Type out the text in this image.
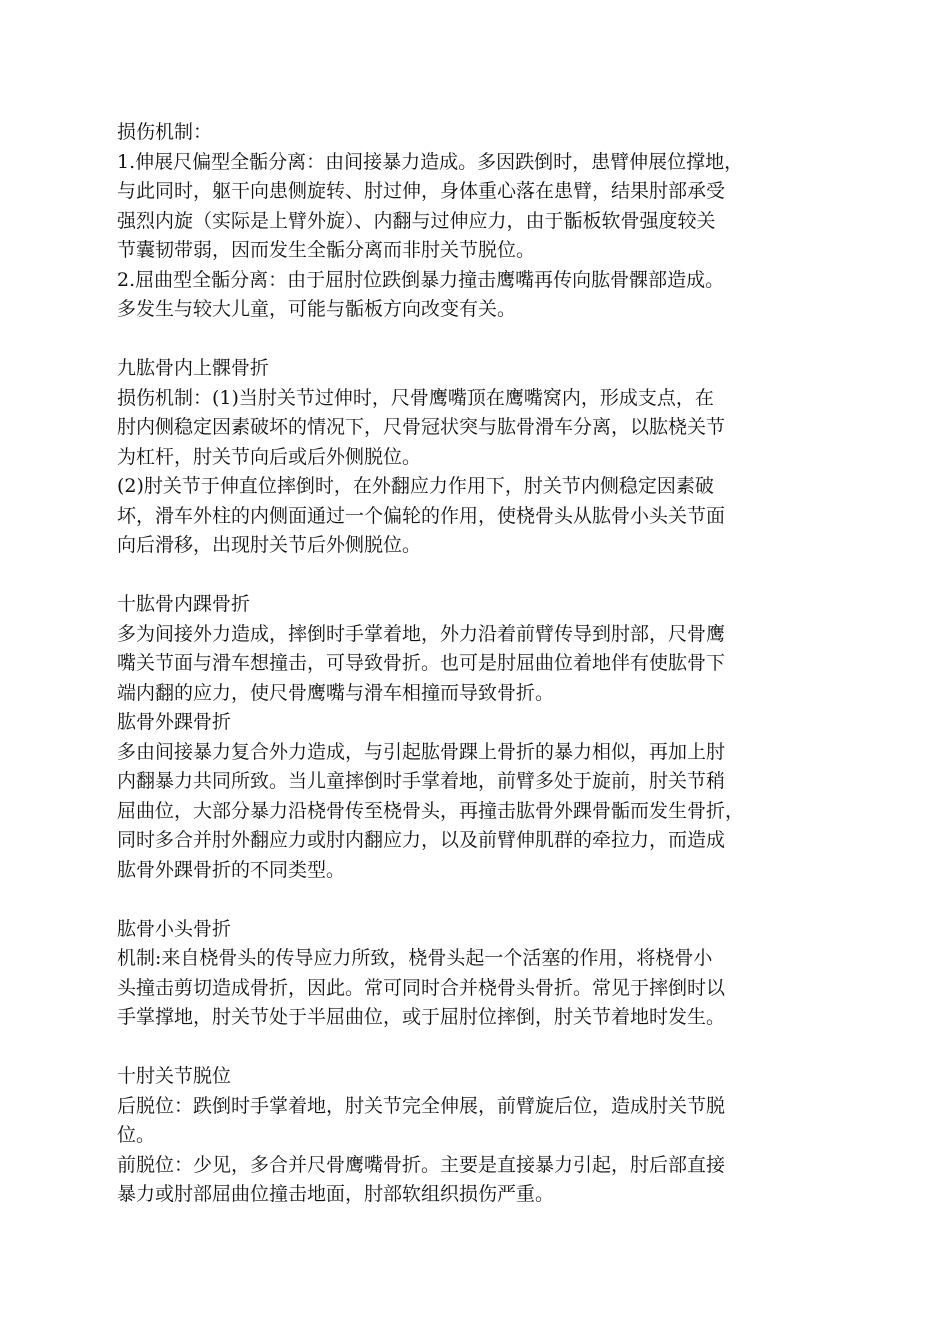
损伤机制：
1.伸展尺偏型全骺分离：由间接暴力造成。多因跌倒时，患臂伸展位撑地，
与此同时，躯干向患侧旋转、肘过伸，身体重心落在患臂，结果肘部承受
强烈内旋（实际是上臂外旋）、内翻与过伸应力，由于骺板软骨强度较关
节囊韧带弱，因而发生全骺分离而非肘关节脱位。
2.屈曲型全骺分离：由于屈肘位跌倒暴力撞击鹰嘴再传向肱骨髁部造成。
多发生与较大儿童，可能与骺板方向改变有关。
九肱骨内上髁骨折
损伤机制：(1)当肘关节过伸时，尺骨鹰嘴顶在鹰嘴窝内，形成支点，在
肘内侧稳定因素破坏的情况下，尺骨冠状突与肱骨滑车分离，以肱桡关节
为杠杆，肘关节向后或后外侧脱位。
(2)肘关节于伸直位摔倒时，在外翻应力作用下，肘关节内侧稳定因素破
坏，滑车外柱的内侧面通过一个偏轮的作用，使桡骨头从肱骨小头关节面
向后滑移，出现肘关节后外侧脱位。
十肱骨内踝骨折
多为间接外力造成，摔倒时手掌着地，外力沿着前臂传导到肘部，尺骨鹰
嘴关节面与滑车想撞击，可导致骨折。也可是肘屈曲位着地伴有使肱骨下
端内翻的应力，使尺骨鹰嘴与滑车相撞而导致骨折。
肱骨外踝骨折
多由间接暴力复合外力造成，与引起肱骨踝上骨折的暴力相似，再加上肘
内翻暴力共同所致。当儿童摔倒时手掌着地，前臂多处于旋前，肘关节稍
屈曲位，大部分暴力沿桡骨传至桡骨头，再撞击肱骨外踝骨骺而发生骨折，
同时多合并肘外翻应力或肘内翻应力，以及前臂伸肌群的牵拉力，而造成
肱骨外踝骨折的不同类型。
肱骨小头骨折
机制:来自桡骨头的传导应力所致，桡骨头起一个活塞的作用，将桡骨小
头撞击剪切造成骨折，因此。常可同时合并桡骨头骨折。常见于摔倒时以
手掌撑地，肘关节处于半屈曲位，或于屈肘位摔倒，肘关节着地时发生。
十肘关节脱位
后脱位：跌倒时手掌着地，肘关节完全伸展，前臂旋后位，造成肘关节脱
位。
前脱位：少见，多合并尺骨鹰嘴骨折。主要是直接暴力引起，肘后部直接
暴力或肘部屈曲位撞击地面，肘部软组织损伤严重。
